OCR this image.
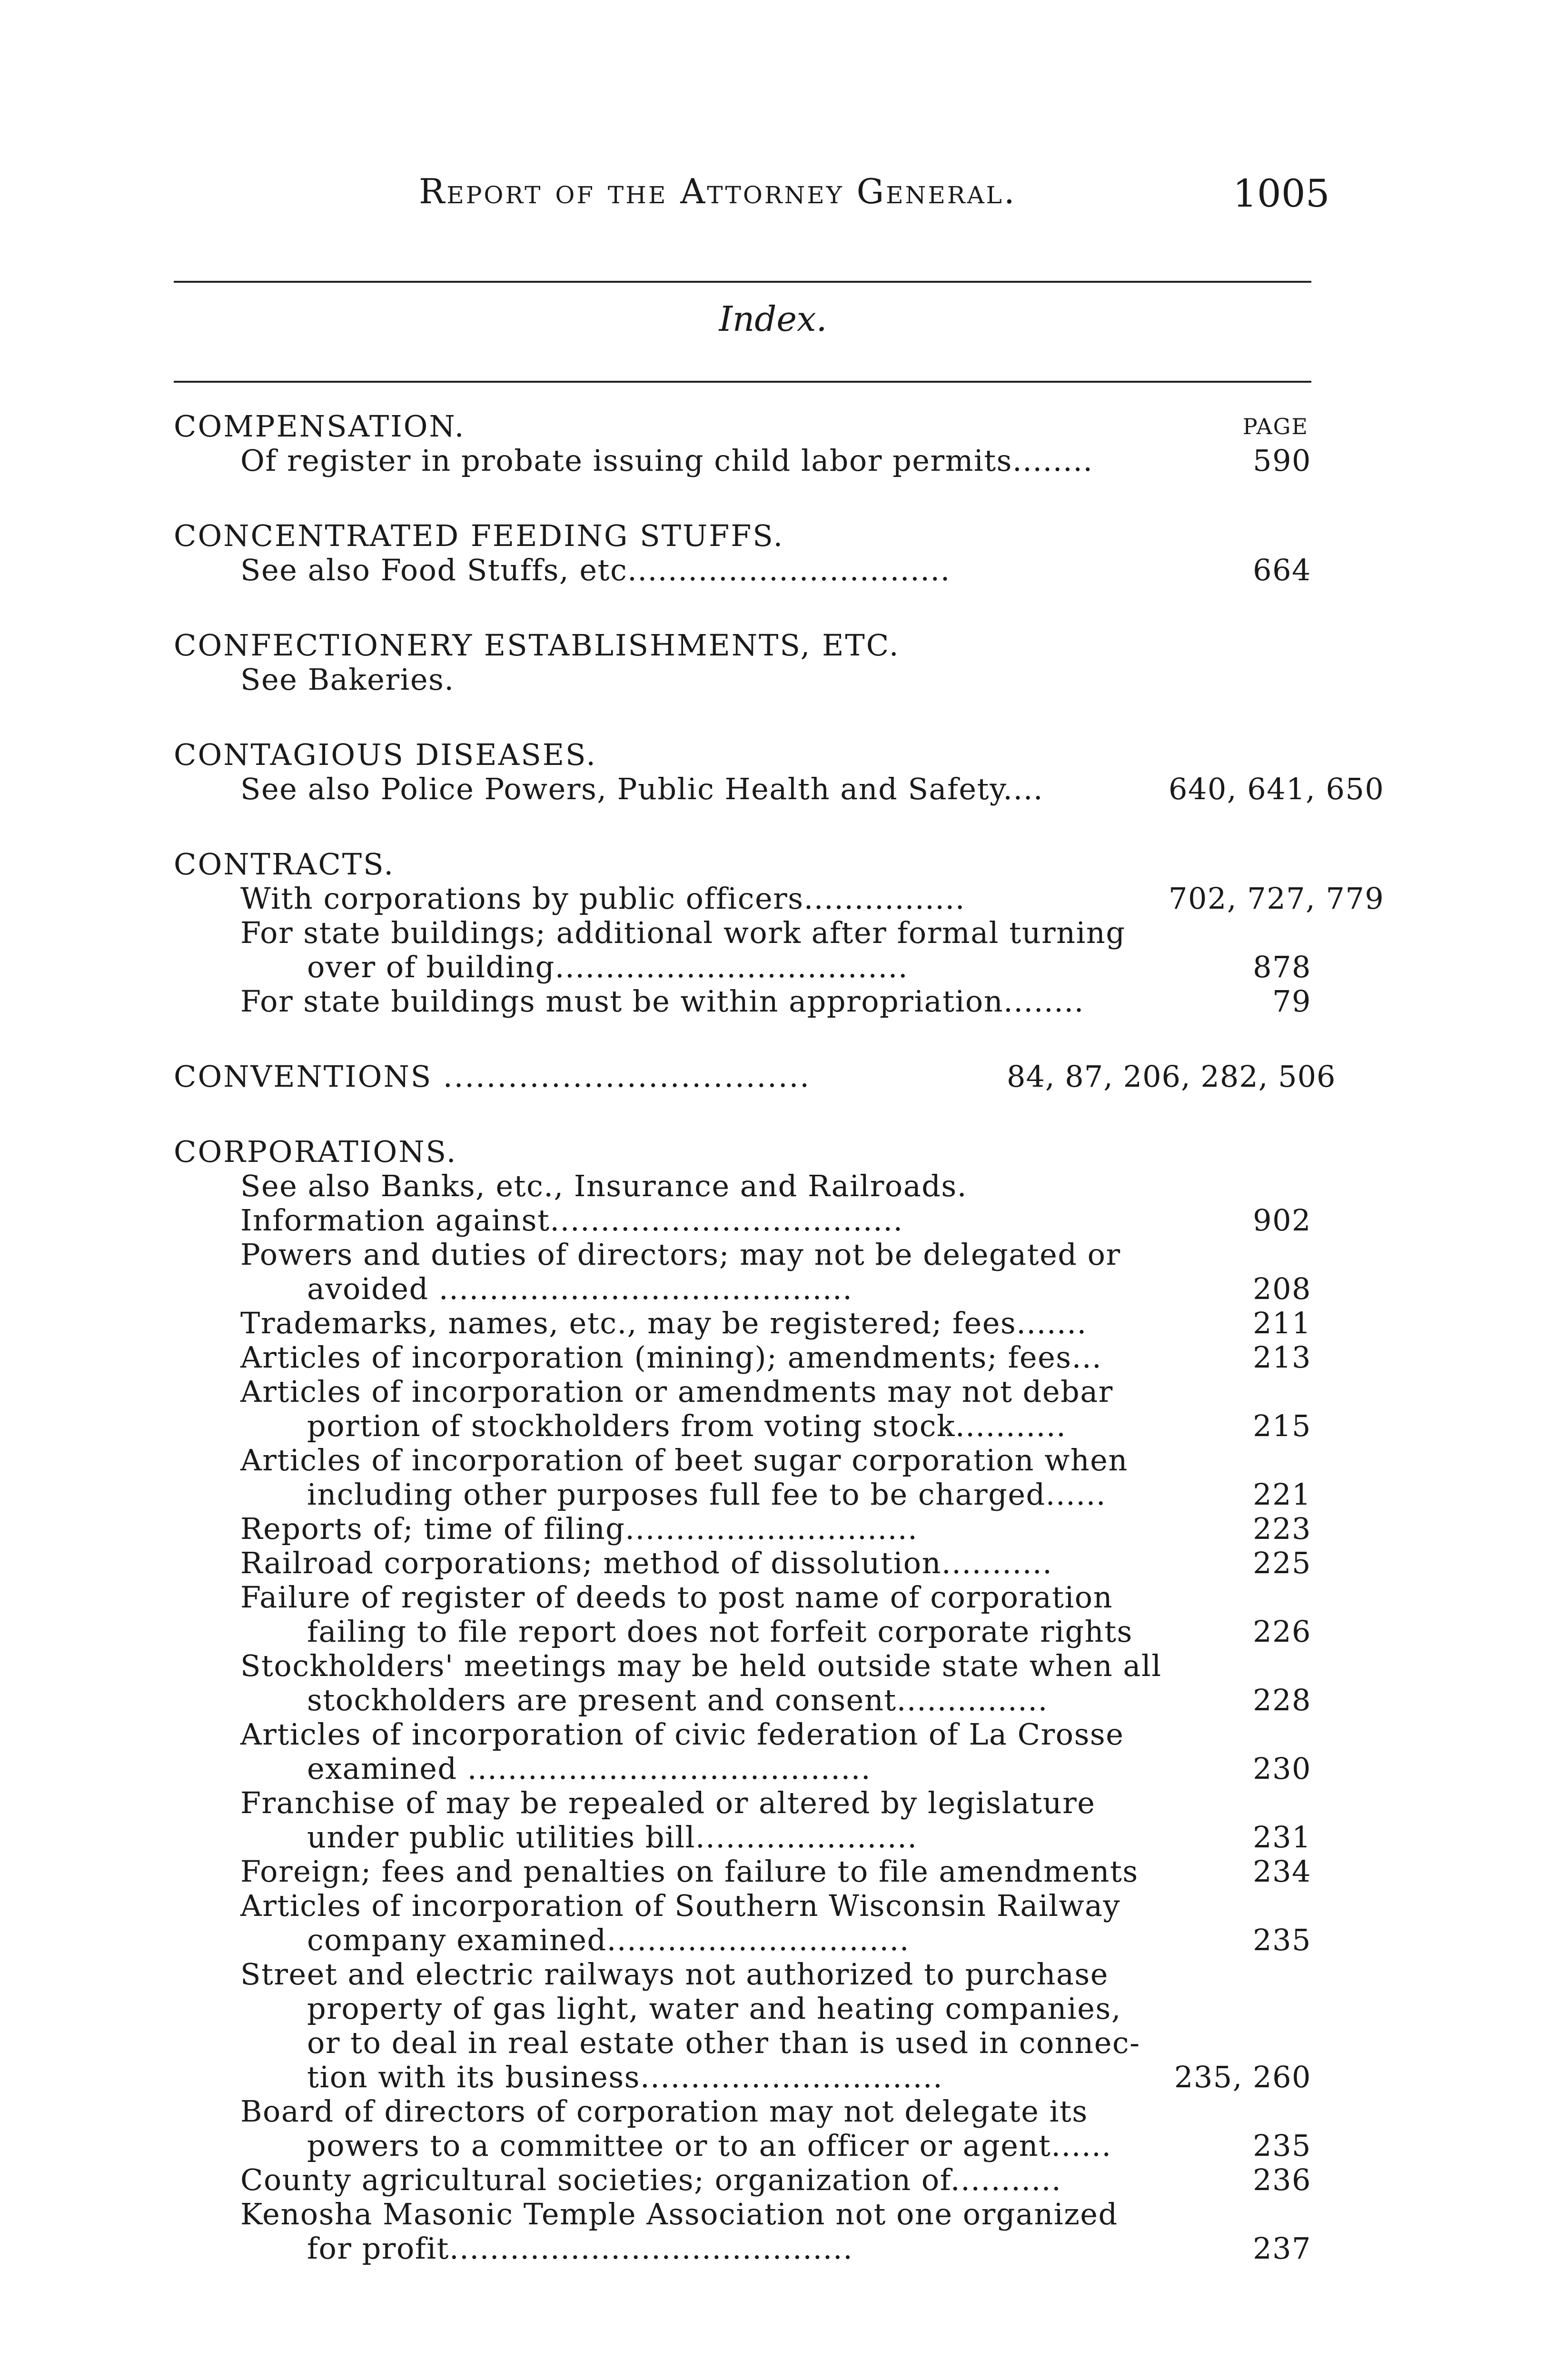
Report of the Attorney General.	1005
Index.
COMPENSATION.	PAGE
Of register in probate issuing child labor permits........	590
CONCENTRATED FEEDING STUFFS.
See also Food Stuffs, etc................................	664
CONFECTIONERY ESTABLISHMENTS, ETC.
See Bakeries.
CONTAGIOUS DISEASES.
See also Police Powers, Public Health and Safety....	640, 641, 650
CONTRACTS.
With corporations by public officers................	702, 727, 779
For state buildings; additional work after formal turning
over of building...................................	878
For state buildings must be within appropriation........	79
CONVENTIONS ..................................	84, 87, 206, 282, 506
CORPORATIONS.
See also Banks, etc., Insurance and Railroads.
Information against...................................	902
Powers and duties of directors; may not be delegated or
avoided .........................................	208
Trademarks, names, etc., may be registered; fees.......	211
Articles of incorporation (mining); amendments; fees...	213
Articles of incorporation or amendments may not debar
portion of stockholders from voting stock...........	215
Articles of incorporation of beet sugar corporation when
including other purposes full fee to be charged......	221
Reports of; time of filing.............................	223
Railroad corporations; method of dissolution...........	225
Failure of register of deeds to post name of corporation
failing to file report does not forfeit corporate rights	226
Stockholders' meetings may be held outside state when all
stockholders are present and consent...............	228
Articles of incorporation of civic federation of La Crosse
examined ........................................	230
Franchise of may be repealed or altered by legislature
under public utilities bill......................	231
Foreign; fees and penalties on failure to file amendments	234
Articles of incorporation of Southern Wisconsin Railway
company examined..............................	235
Street and electric railways not authorized to purchase
property of gas light, water and heating companies,
or to deal in real estate other than is used in connec-
tion with its business..............................	235, 260
Board of directors of corporation may not delegate its
powers to a committee or to an officer or agent......	235
County agricultural societies; organization of...........	236
Kenosha Masonic Temple Association not one organized
for profit........................................	237
